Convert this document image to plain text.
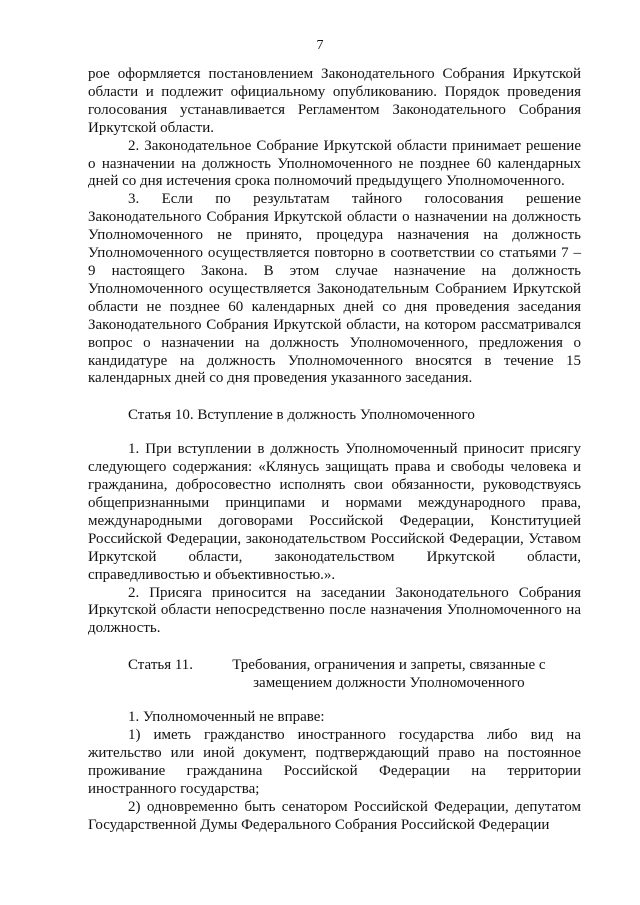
7

рое оформляется постановлением Законодательного Собрания Иркутской области и подлежит официальному опубликованию. Порядок проведения голосования устанавливается Регламентом Законодательного Собрания Иркутской области.

2. Законодательное Собрание Иркутской области принимает решение о назначении на должность Уполномоченного не позднее 60 календарных дней со дня истечения срока полномочий предыдущего Уполномоченного.

3. Если по результатам тайного голосования решение Законодательного Собрания Иркутской области о назначении на должность Уполномоченного не принято, процедура назначения на должность Уполномоченного осуществляется повторно в соответствии со статьями 7 – 9 настоящего Закона. В этом случае назначение на должность Уполномоченного осуществляется Законодательным Собранием Иркутской области не позднее 60 календарных дней со дня проведения заседания Законодательного Собрания Иркутской области, на котором рассматривался вопрос о назначении на должность Уполномоченного, предложения о кандидатуре на должность Уполномоченного вносятся в течение 15 календарных дней со дня проведения указанного заседания.

Статья 10. Вступление в должность Уполномоченного

1. При вступлении в должность Уполномоченный приносит присягу следующего содержания: «Клянусь защищать права и свободы человека и гражданина, добросовестно исполнять свои обязанности, руководствуясь общепризнанными принципами и нормами международного права, международными договорами Российской Федерации, Конституцией Российской Федерации, законодательством Российской Федерации, Уставом Иркутской области, законодательством Иркутской области, справедливостью и объективностью.».

2. Присяга приносится на заседании Законодательного Собрания Иркутской области непосредственно после назначения Уполномоченного на должность.

Статья 11.	Требования, ограничения и запреты, связанные с замещением должности Уполномоченного

1. Уполномоченный не вправе:

1) иметь гражданство иностранного государства либо вид на жительство или иной документ, подтверждающий право на постоянное проживание гражданина Российской Федерации на территории иностранного государства;

2) одновременно быть сенатором Российской Федерации, депутатом Государственной Думы Федерального Собрания Российской Федерации
